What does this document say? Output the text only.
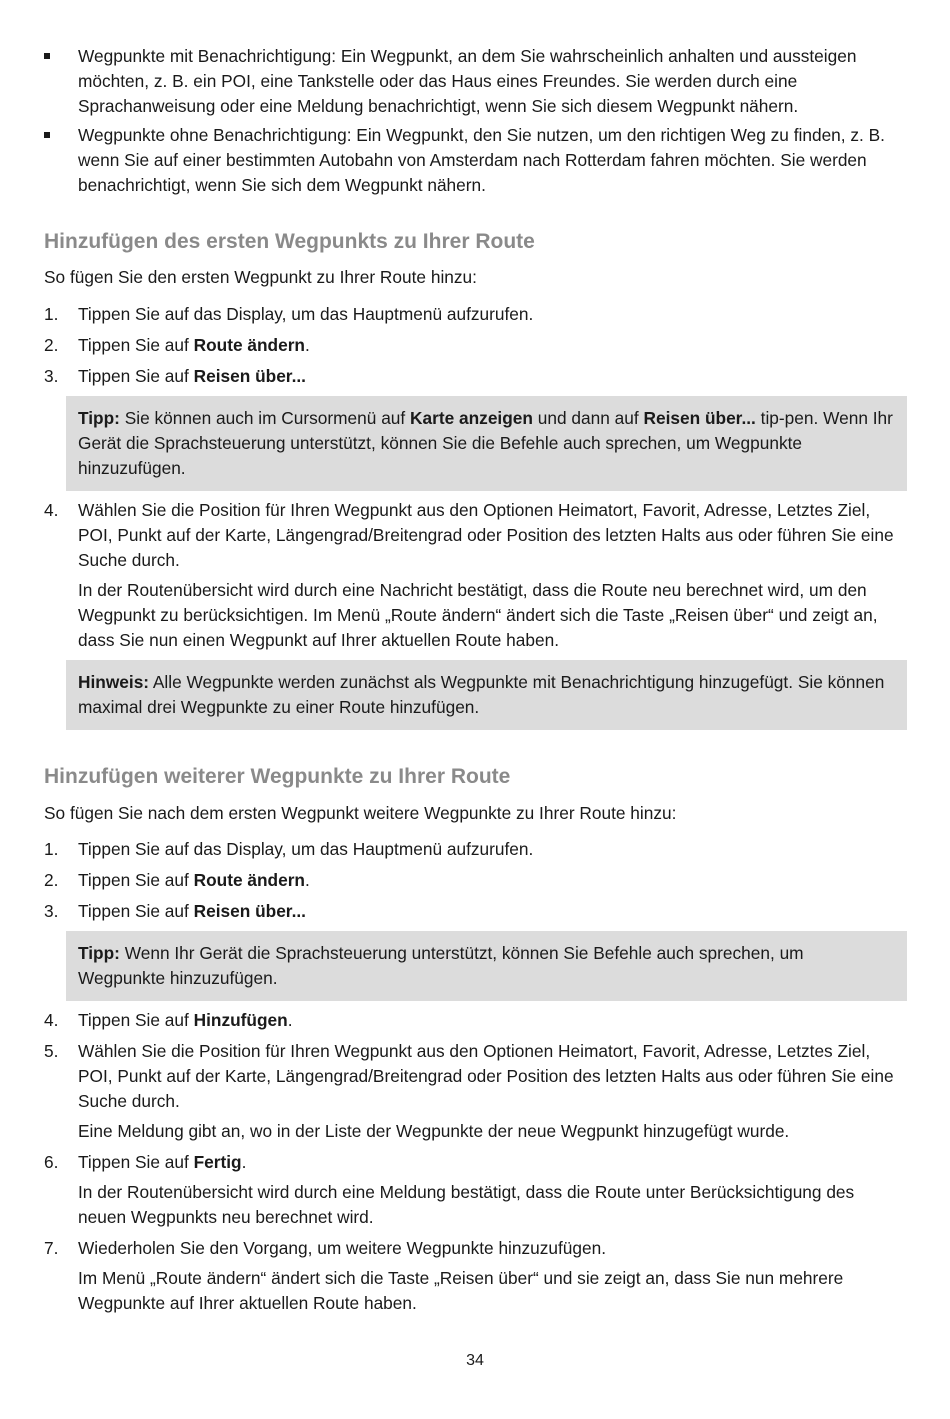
Wegpunkte mit Benachrichtigung: Ein Wegpunkt, an dem Sie wahrscheinlich anhalten und aussteigen möchten, z. B. ein POI, eine Tankstelle oder das Haus eines Freundes. Sie werden durch eine Sprachanweisung oder eine Meldung benachrichtigt, wenn Sie sich diesem Wegpunkt nähern.
Wegpunkte ohne Benachrichtigung: Ein Wegpunkt, den Sie nutzen, um den richtigen Weg zu finden, z. B. wenn Sie auf einer bestimmten Autobahn von Amsterdam nach Rotterdam fahren möchten. Sie werden benachrichtigt, wenn Sie sich dem Wegpunkt nähern.
Hinzufügen des ersten Wegpunkts zu Ihrer Route

So fügen Sie den ersten Wegpunkt zu Ihrer Route hinzu:

1. Tippen Sie auf das Display, um das Hauptmenü aufzurufen.
2. Tippen Sie auf Route ändern.
3. Tippen Sie auf Reisen über...
Tipp: Sie können auch im Cursormenü auf Karte anzeigen und dann auf Reisen über... tip-pen. Wenn Ihr Gerät die Sprachsteuerung unterstützt, können Sie die Befehle auch sprechen, um Wegpunkte hinzuzufügen.
4. Wählen Sie die Position für Ihren Wegpunkt aus den Optionen Heimatort, Favorit, Adresse, Letztes Ziel, POI, Punkt auf der Karte, Längengrad/Breitengrad oder Position des letzten Halts aus oder führen Sie eine Suche durch.

In der Routenübersicht wird durch eine Nachricht bestätigt, dass die Route neu berechnet wird, um den Wegpunkt zu berücksichtigen. Im Menü „Route ändern“ ändert sich die Taste „Reisen über“ und zeigt an, dass Sie nun einen Wegpunkt auf Ihrer aktuellen Route haben.

Hinweis: Alle Wegpunkte werden zunächst als Wegpunkte mit Benachrichtigung hinzugefügt. Sie können maximal drei Wegpunkte zu einer Route hinzufügen.
Hinzufügen weiterer Wegpunkte zu Ihrer Route

So fügen Sie nach dem ersten Wegpunkt weitere Wegpunkte zu Ihrer Route hinzu:

1. Tippen Sie auf das Display, um das Hauptmenü aufzurufen.
2. Tippen Sie auf Route ändern.
3. Tippen Sie auf Reisen über...
Tipp: Wenn Ihr Gerät die Sprachsteuerung unterstützt, können Sie Befehle auch sprechen, um Wegpunkte hinzuzufügen.
4. Tippen Sie auf Hinzufügen.
5. Wählen Sie die Position für Ihren Wegpunkt aus den Optionen Heimatort, Favorit, Adresse, Letztes Ziel, POI, Punkt auf der Karte, Längengrad/Breitengrad oder Position des letzten Halts aus oder führen Sie eine Suche durch.

Eine Meldung gibt an, wo in der Liste der Wegpunkte der neue Wegpunkt hinzugefügt wurde.

6. Tippen Sie auf Fertig.

In der Routenübersicht wird durch eine Meldung bestätigt, dass die Route unter Berücksichtigung des neuen Wegpunkts neu berechnet wird.

7. Wiederholen Sie den Vorgang, um weitere Wegpunkte hinzuzufügen.

Im Menü „Route ändern“ ändert sich die Taste „Reisen über“ und sie zeigt an, dass Sie nun mehrere Wegpunkte auf Ihrer aktuellen Route haben.

34
